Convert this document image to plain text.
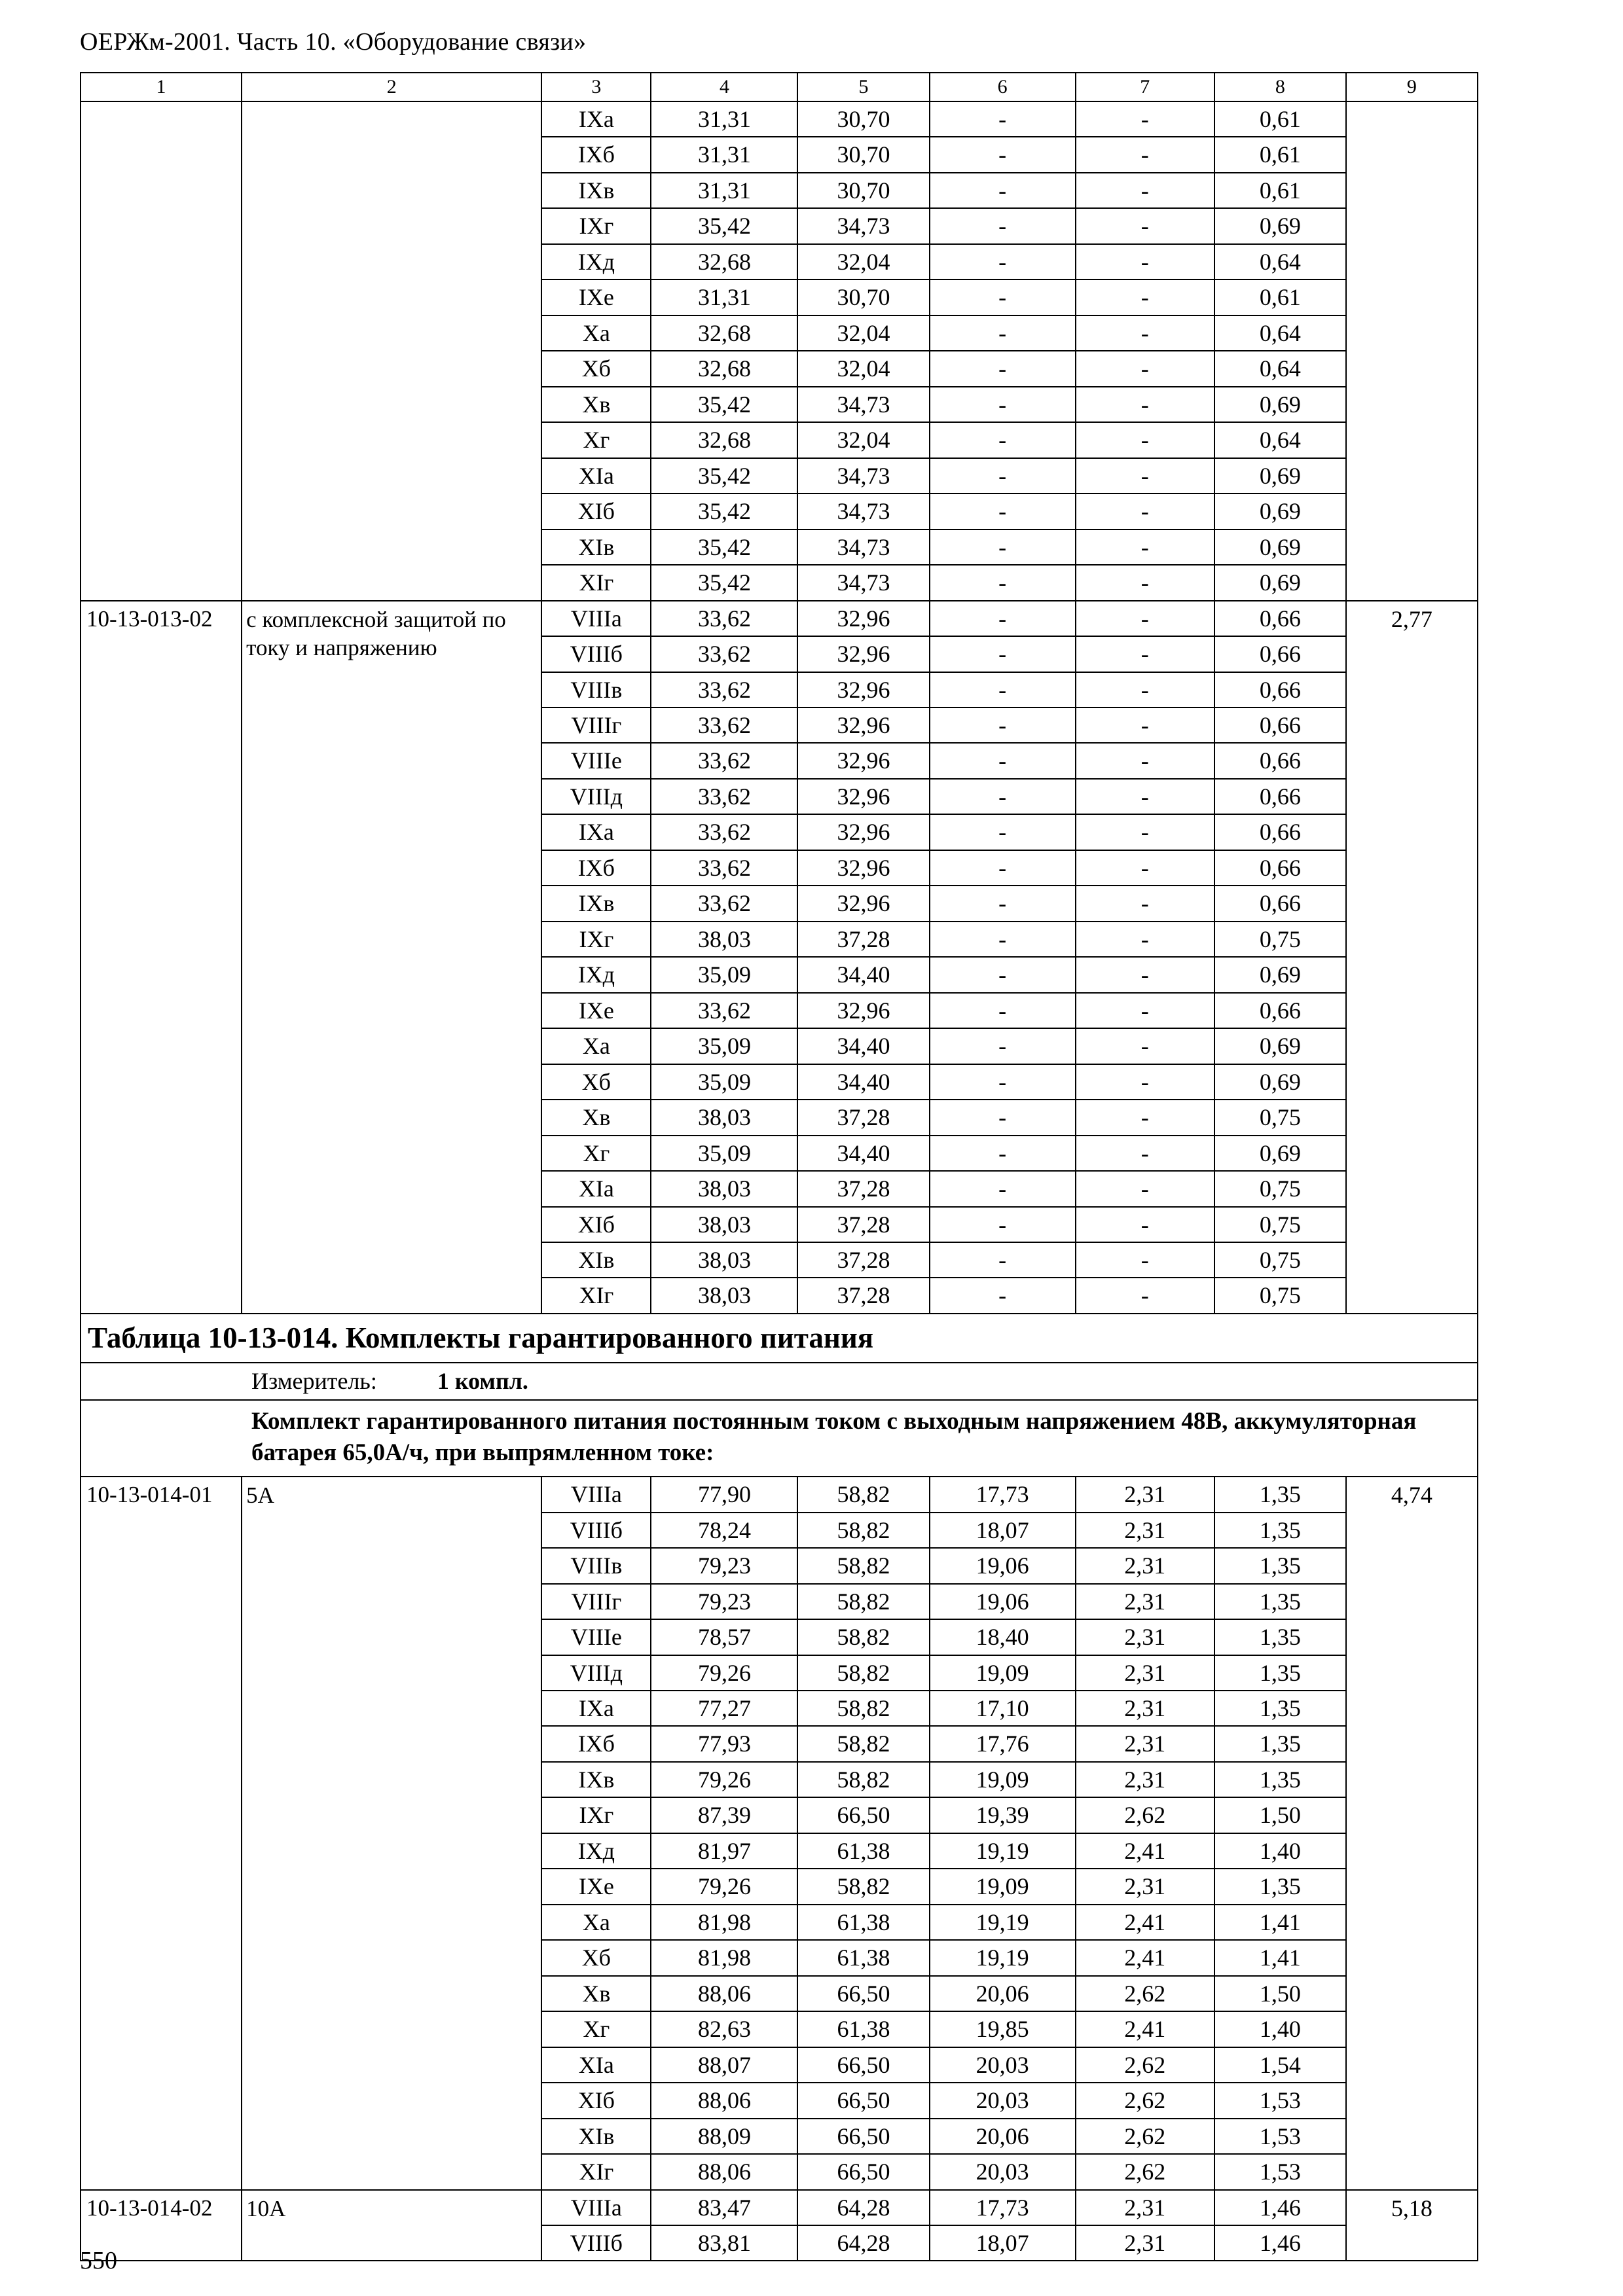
ОЕРЖм-2001. Часть 10. «Оборудование связи»
1	2	3	4	5	6	7	8	9
		IXа	31,31	30,70	-	-	0,61	
		IXб	31,31	30,70	-	-	0,61	
		IXв	31,31	30,70	-	-	0,61	
		IXг	35,42	34,73	-	-	0,69	
		IXд	32,68	32,04	-	-	0,64	
		IXе	31,31	30,70	-	-	0,61	
		Xа	32,68	32,04	-	-	0,64	
		Xб	32,68	32,04	-	-	0,64	
		Xв	35,42	34,73	-	-	0,69	
		Xг	32,68	32,04	-	-	0,64	
		XIа	35,42	34,73	-	-	0,69	
		XIб	35,42	34,73	-	-	0,69	
		XIв	35,42	34,73	-	-	0,69	
		XIг	35,42	34,73	-	-	0,69	
10-13-013-02	с комплексной защитой по току и напряжению	VIIIа	33,62	32,96	-	-	0,66	2,77
		VIIIб	33,62	32,96	-	-	0,66	
		VIIIв	33,62	32,96	-	-	0,66	
		VIIIг	33,62	32,96	-	-	0,66	
		VIIIе	33,62	32,96	-	-	0,66	
		VIIIд	33,62	32,96	-	-	0,66	
		IXа	33,62	32,96	-	-	0,66	
		IXб	33,62	32,96	-	-	0,66	
		IXв	33,62	32,96	-	-	0,66	
		IXг	38,03	37,28	-	-	0,75	
		IXд	35,09	34,40	-	-	0,69	
		IXе	33,62	32,96	-	-	0,66	
		Xа	35,09	34,40	-	-	0,69	
		Xб	35,09	34,40	-	-	0,69	
		Xв	38,03	37,28	-	-	0,75	
		Xг	35,09	34,40	-	-	0,69	
		XIа	38,03	37,28	-	-	0,75	
		XIб	38,03	37,28	-	-	0,75	
		XIв	38,03	37,28	-	-	0,75	
		XIг	38,03	37,28	-	-	0,75	
Таблица 10-13-014. Комплекты гарантированного питания								
Измеритель: 1 компл.								
Комплект гарантированного питания постоянным током с выходным напряжением 48В, аккумуляторная батарея 65,0А/ч, при выпрямленном токе:								
10-13-014-01	5А	VIIIа	77,90	58,82	17,73	2,31	1,35	4,74
		VIIIб	78,24	58,82	18,07	2,31	1,35	
		VIIIв	79,23	58,82	19,06	2,31	1,35	
		VIIIг	79,23	58,82	19,06	2,31	1,35	
		VIIIе	78,57	58,82	18,40	2,31	1,35	
		VIIIд	79,26	58,82	19,09	2,31	1,35	
		IXа	77,27	58,82	17,10	2,31	1,35	
		IXб	77,93	58,82	17,76	2,31	1,35	
		IXв	79,26	58,82	19,09	2,31	1,35	
		IXг	87,39	66,50	19,39	2,62	1,50	
		IXд	81,97	61,38	19,19	2,41	1,40	
		IXе	79,26	58,82	19,09	2,31	1,35	
		Xа	81,98	61,38	19,19	2,41	1,41	
		Xб	81,98	61,38	19,19	2,41	1,41	
		Xв	88,06	66,50	20,06	2,62	1,50	
		Xг	82,63	61,38	19,85	2,41	1,40	
		XIа	88,07	66,50	20,03	2,62	1,54	
		XIб	88,06	66,50	20,03	2,62	1,53	
		XIв	88,09	66,50	20,06	2,62	1,53	
		XIг	88,06	66,50	20,03	2,62	1,53	
10-13-014-02	10А	VIIIа	83,47	64,28	17,73	2,31	1,46	5,18
		VIIIб	83,81	64,28	18,07	2,31	1,46	
550
